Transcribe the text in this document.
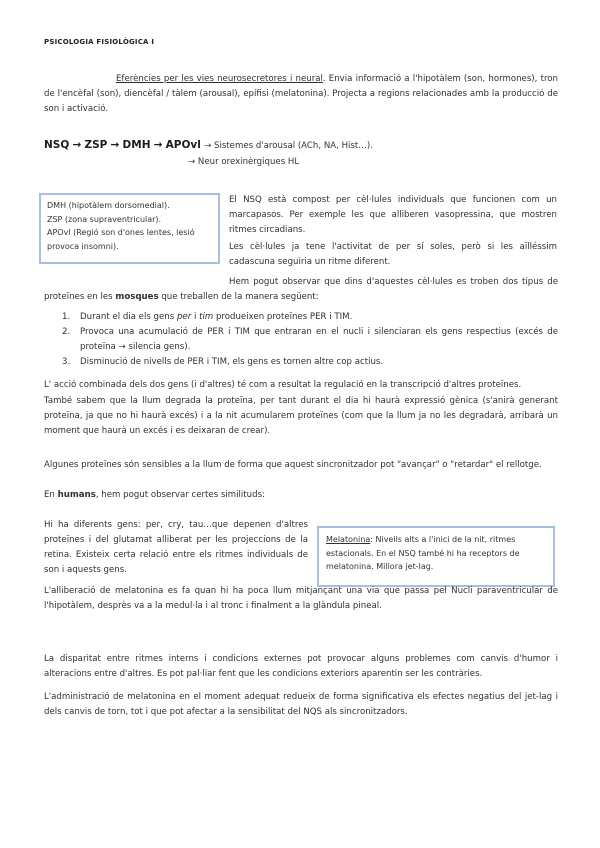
PSICOLOGIA FISIOLÒGICA I
Eferències per les vies neurosecretores i neural. Envia informació a l'hipotàlem (son, hormones), tron de l'encèfal (son), diencèfal / tàlem (arousal), epífisi (melatonina). Projecta a regions relacionades amb la producció de son i activació.
NSQ → ZSP → DMH → APOvl → Sistemes d'arousal (ACh, NA, Hist…).
→ Neur orexinèrgiques HL
DMH (hipotàlem dorsomedial).
ZSP (zona supraventricular).
APOvl (Regió son d'ones lentes, lesió provoca insomni).
El NSQ està compost per cèl·lules individuals que funcionen com un marcapasos. Per exemple les que alliberen vasopressina, que mostren ritmes circadians.
Les cèl·lules ja tene l'activitat de per sí soles, però si les aïlléssim cadascuna seguiria un ritme diferent.
Hem pogut observar que dins d'aquestes cèl·lules es troben dos tipus de proteïnes en les mosques que treballen de la manera següent:
1. Durant el dia els gens per i tim produeixen proteïnes PER i TIM.
2. Provoca una acumulació de PER i TIM que entraran en el nucli i silenciaran els gens respectius (excés de proteïna → silencia gens).
3. Disminució de nivells de PER i TIM, els gens es tornen altre cop actius.
L' acció combinada dels dos gens (i d'altres) té com a resultat la regulació en la transcripció d'altres proteïnes.
També sabem que la llum degrada la proteïna, per tant durant el dia hi haurà expressió gènica (s'anirà generant proteïna, ja que no hi haurà excés) i a la nit acumularem proteïnes (com que la llum ja no les degradarà, arribarà un moment que haurà un excés i es deixaran de crear).
Algunes proteïnes són sensibles a la llum de forma que aquest sincronitzador pot "avançar" o "retardar" el rellotge.
En humans, hem pogut observar certes similituds:
Hi ha diferents gens: per, cry, tau…que depenen d'altres proteïnes i del glutamat alliberat per les projeccions de la retina. Existeix certa relació entre els ritmes individuals de son i aquests gens.
Melatonina: Nivells alts a l'inici de la nit, ritmes estacionals. En el NSQ també hi ha receptors de melatonina. Millora jet-lag.
L'alliberació de melatonina es fa quan hi ha poca llum mitjançant una via que passa pel Nucli paraventricular de l'hipotàlem, desprès va a la medul·la i al tronc i finalment a la glàndula pineal.
La disparitat entre ritmes interns i condicions externes pot provocar alguns problemes com canvis d'humor i alteracions entre d'altres. Es pot pal·liar fent que les condicions exteriors aparentin ser les contràries.
L'administració de melatonina en el moment adequat redueix de forma significativa els efectes negatius del jet-lag i dels canvis de torn, tot i que pot afectar a la sensibilitat del NQS als sincronitzadors.
